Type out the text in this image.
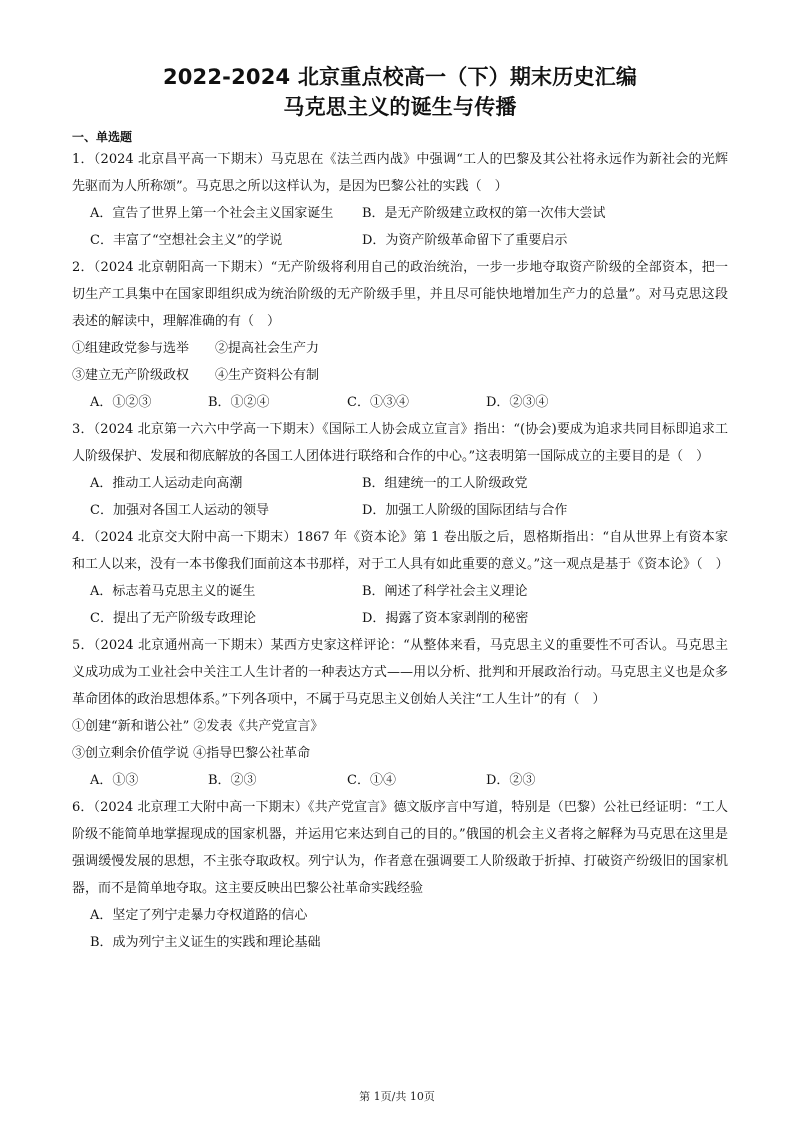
2022-2024 北京重点校高一（下）期末历史汇编
马克思主义的诞生与传播
一、单选题

1．（2024 北京昌平高一下期末）马克思在《法兰西内战》中强调“工人的巴黎及其公社将永远作为新社会的光辉先驱而为人所称颂”。马克思之所以这样认为，是因为巴黎公社的实践（　）

A．宣告了世界上第一个社会主义国家诞生	B．是无产阶级建立政权的第一次伟大尝试
C．丰富了“空想社会主义”的学说	D．为资产阶级革命留下了重要启示

2．（2024 北京朝阳高一下期末）“无产阶级将利用自己的政治统治，一步一步地夺取资产阶级的全部资本，把一切生产工具集中在国家即组织成为统治阶级的无产阶级手里，并且尽可能快地增加生产力的总量”。对马克思这段表述的解读中，理解准确的有（　）

①组建政党参与选举　　②提高社会生产力

③建立无产阶级政权　　④生产资料公有制

A．①②③	B．①②④	C．①③④	D．②③④

3．（2024 北京第一六六中学高一下期末）《国际工人协会成立宣言》指出：“(协会)要成为追求共同目标即追求工人阶级保护、发展和彻底解放的各国工人团体进行联络和合作的中心。”这表明第一国际成立的主要目的是（　）

A．推动工人运动走向高潮	B．组建统一的工人阶级政党
C．加强对各国工人运动的领导	D．加强工人阶级的国际团结与合作

4．（2024 北京交大附中高一下期末）1867 年《资本论》第 1 卷出版之后，恩格斯指出：“自从世界上有资本家和工人以来，没有一本书像我们面前这本书那样，对于工人具有如此重要的意义。”这一观点是基于《资本论》（　）

A．标志着马克思主义的诞生	B．阐述了科学社会主义理论
C．提出了无产阶级专政理论	D．揭露了资本家剥削的秘密

5．（2024 北京通州高一下期末）某西方史家这样评论：“从整体来看，马克思主义的重要性不可否认。马克思主义成功成为工业社会中关注工人生计者的一种表达方式——用以分析、批判和开展政治行动。马克思主义也是众多革命团体的政治思想体系。”下列各项中，不属于马克思主义创始人关注“工人生计”的有（　）

①创建“新和谐公社” ②发表《共产党宣言》

③创立剩余价值学说 ④指导巴黎公社革命

A．①③	B．②③	C．①④	D．②③

6．（2024 北京理工大附中高一下期末）《共产党宣言》德文版序言中写道，特别是（巴黎）公社已经证明：“工人阶级不能简单地掌握现成的国家机器，并运用它来达到自己的目的。”俄国的机会主义者将之解释为马克思在这里是强调缓慢发展的思想，不主张夺取政权。列宁认为，作者意在强调要工人阶级敢于折掉、打破资产纷级旧的国家机器，而不是简单地夺取。这主要反映出巴黎公社革命实践经验

A．坚定了列宁走暴力夺权道路的信心
B．成为列宁主义证生的实践和理论基础
第 1页/共 10页
